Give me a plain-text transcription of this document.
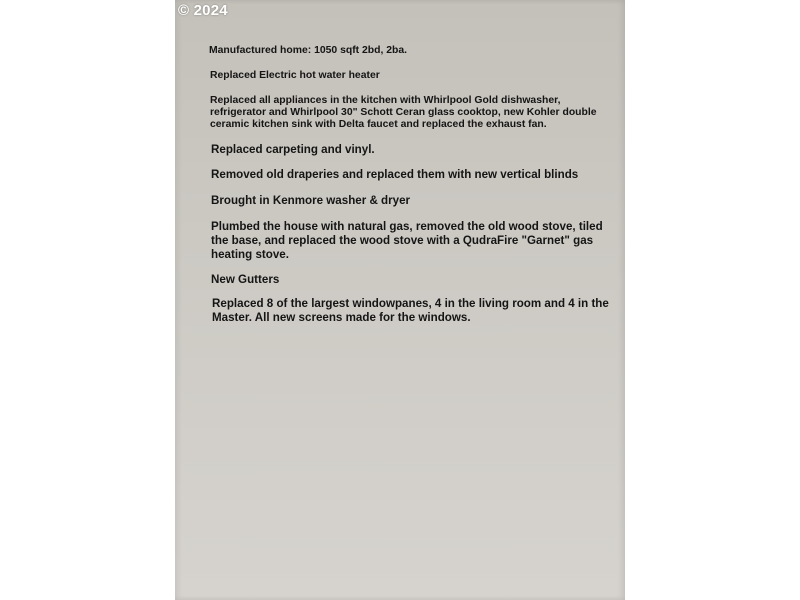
© 2024
Manufactured home: 1050 sqft 2bd, 2ba.
Replaced Electric hot water heater
Replaced all appliances in the kitchen with Whirlpool Gold dishwasher,
refrigerator and Whirlpool 30" Schott Ceran glass cooktop, new Kohler double
ceramic kitchen sink with Delta faucet and replaced the exhaust fan.
Replaced carpeting and vinyl.
Removed old draperies and replaced them with new vertical blinds
Brought in Kenmore washer & dryer
Plumbed the house with natural gas, removed the old wood stove, tiled
the base, and replaced the wood stove with a QudraFire "Garnet" gas
heating stove.
New Gutters
Replaced 8 of the largest windowpanes, 4 in the living room and 4 in the
Master. All new screens made for the windows.
